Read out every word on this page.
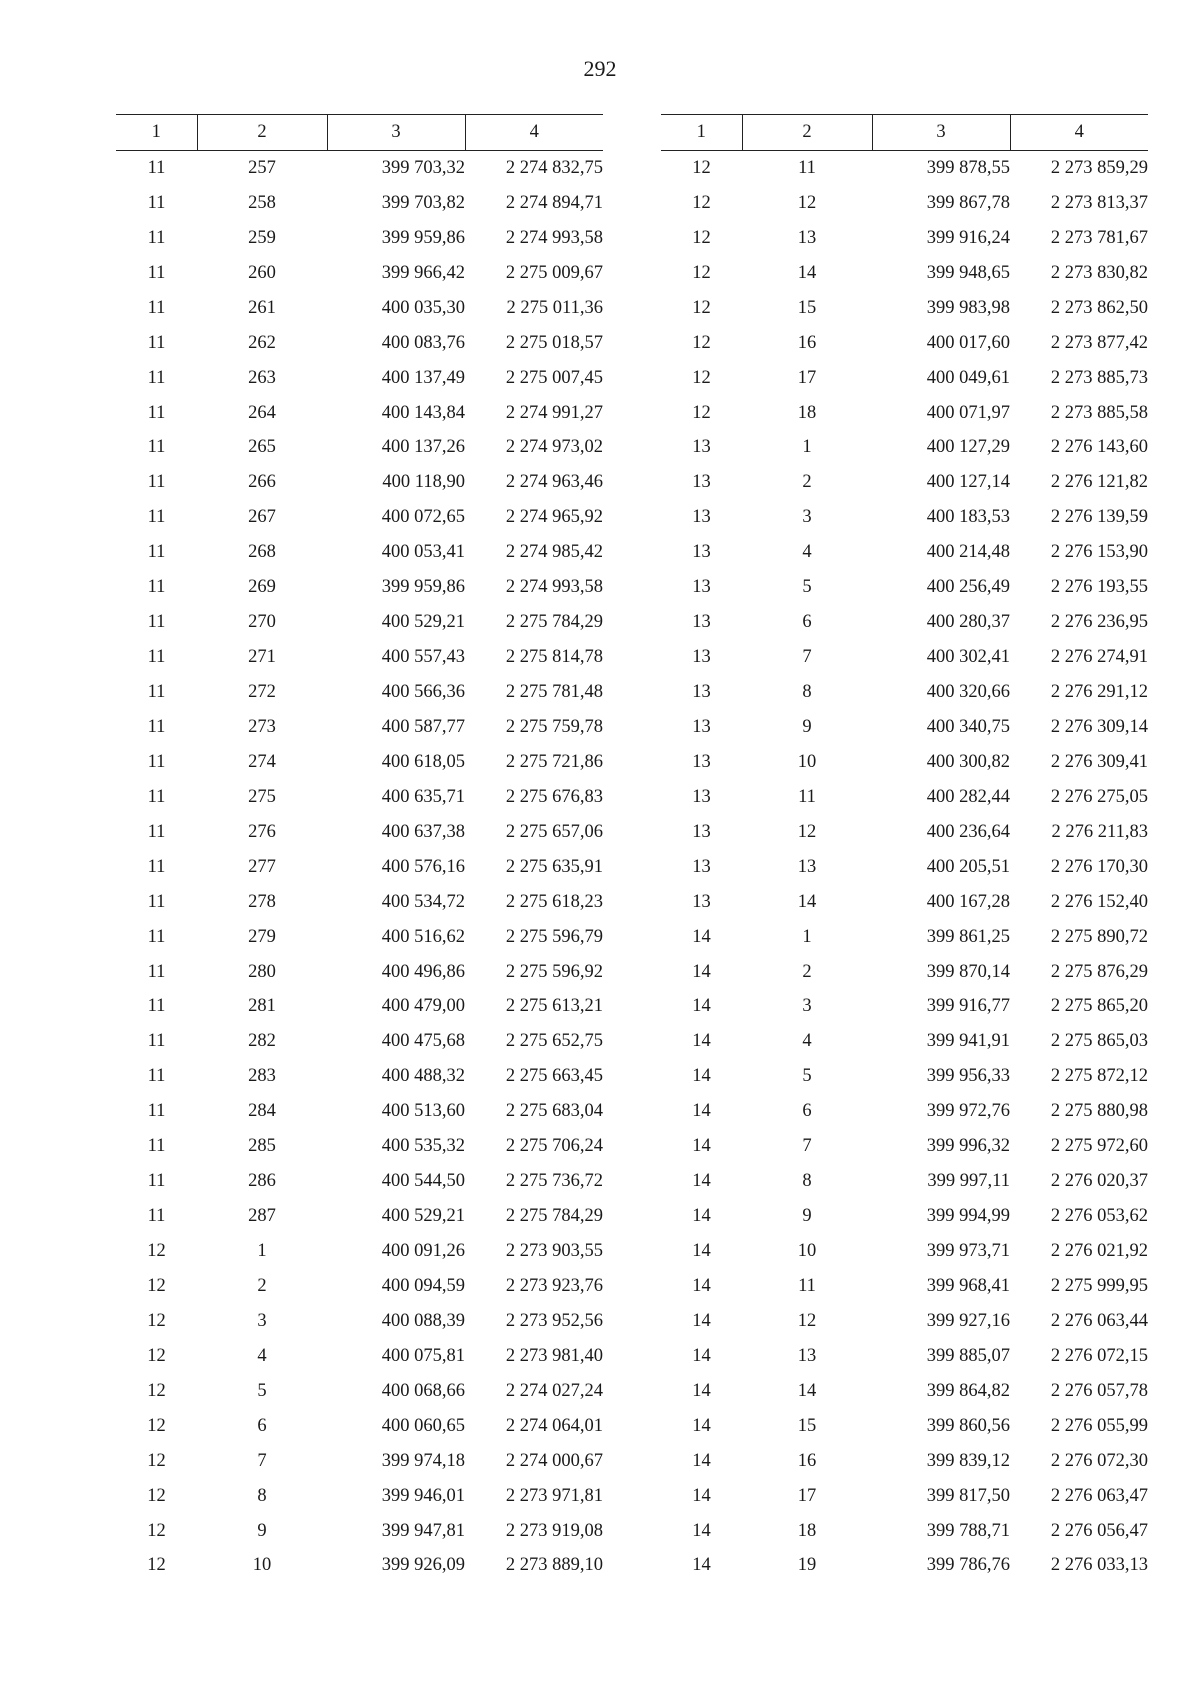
292
1	2	3	4
11	257	399 703,32	2 274 832,75
11	258	399 703,82	2 274 894,71
11	259	399 959,86	2 274 993,58
11	260	399 966,42	2 275 009,67
11	261	400 035,30	2 275 011,36
11	262	400 083,76	2 275 018,57
11	263	400 137,49	2 275 007,45
11	264	400 143,84	2 274 991,27
11	265	400 137,26	2 274 973,02
11	266	400 118,90	2 274 963,46
11	267	400 072,65	2 274 965,92
11	268	400 053,41	2 274 985,42
11	269	399 959,86	2 274 993,58
11	270	400 529,21	2 275 784,29
11	271	400 557,43	2 275 814,78
11	272	400 566,36	2 275 781,48
11	273	400 587,77	2 275 759,78
11	274	400 618,05	2 275 721,86
11	275	400 635,71	2 275 676,83
11	276	400 637,38	2 275 657,06
11	277	400 576,16	2 275 635,91
11	278	400 534,72	2 275 618,23
11	279	400 516,62	2 275 596,79
11	280	400 496,86	2 275 596,92
11	281	400 479,00	2 275 613,21
11	282	400 475,68	2 275 652,75
11	283	400 488,32	2 275 663,45
11	284	400 513,60	2 275 683,04
11	285	400 535,32	2 275 706,24
11	286	400 544,50	2 275 736,72
11	287	400 529,21	2 275 784,29
12	1	400 091,26	2 273 903,55
12	2	400 094,59	2 273 923,76
12	3	400 088,39	2 273 952,56
12	4	400 075,81	2 273 981,40
12	5	400 068,66	2 274 027,24
12	6	400 060,65	2 274 064,01
12	7	399 974,18	2 274 000,67
12	8	399 946,01	2 273 971,81
12	9	399 947,81	2 273 919,08
12	10	399 926,09	2 273 889,10
1	2	3	4
12	11	399 878,55	2 273 859,29
12	12	399 867,78	2 273 813,37
12	13	399 916,24	2 273 781,67
12	14	399 948,65	2 273 830,82
12	15	399 983,98	2 273 862,50
12	16	400 017,60	2 273 877,42
12	17	400 049,61	2 273 885,73
12	18	400 071,97	2 273 885,58
13	1	400 127,29	2 276 143,60
13	2	400 127,14	2 276 121,82
13	3	400 183,53	2 276 139,59
13	4	400 214,48	2 276 153,90
13	5	400 256,49	2 276 193,55
13	6	400 280,37	2 276 236,95
13	7	400 302,41	2 276 274,91
13	8	400 320,66	2 276 291,12
13	9	400 340,75	2 276 309,14
13	10	400 300,82	2 276 309,41
13	11	400 282,44	2 276 275,05
13	12	400 236,64	2 276 211,83
13	13	400 205,51	2 276 170,30
13	14	400 167,28	2 276 152,40
14	1	399 861,25	2 275 890,72
14	2	399 870,14	2 275 876,29
14	3	399 916,77	2 275 865,20
14	4	399 941,91	2 275 865,03
14	5	399 956,33	2 275 872,12
14	6	399 972,76	2 275 880,98
14	7	399 996,32	2 275 972,60
14	8	399 997,11	2 276 020,37
14	9	399 994,99	2 276 053,62
14	10	399 973,71	2 276 021,92
14	11	399 968,41	2 275 999,95
14	12	399 927,16	2 276 063,44
14	13	399 885,07	2 276 072,15
14	14	399 864,82	2 276 057,78
14	15	399 860,56	2 276 055,99
14	16	399 839,12	2 276 072,30
14	17	399 817,50	2 276 063,47
14	18	399 788,71	2 276 056,47
14	19	399 786,76	2 276 033,13
